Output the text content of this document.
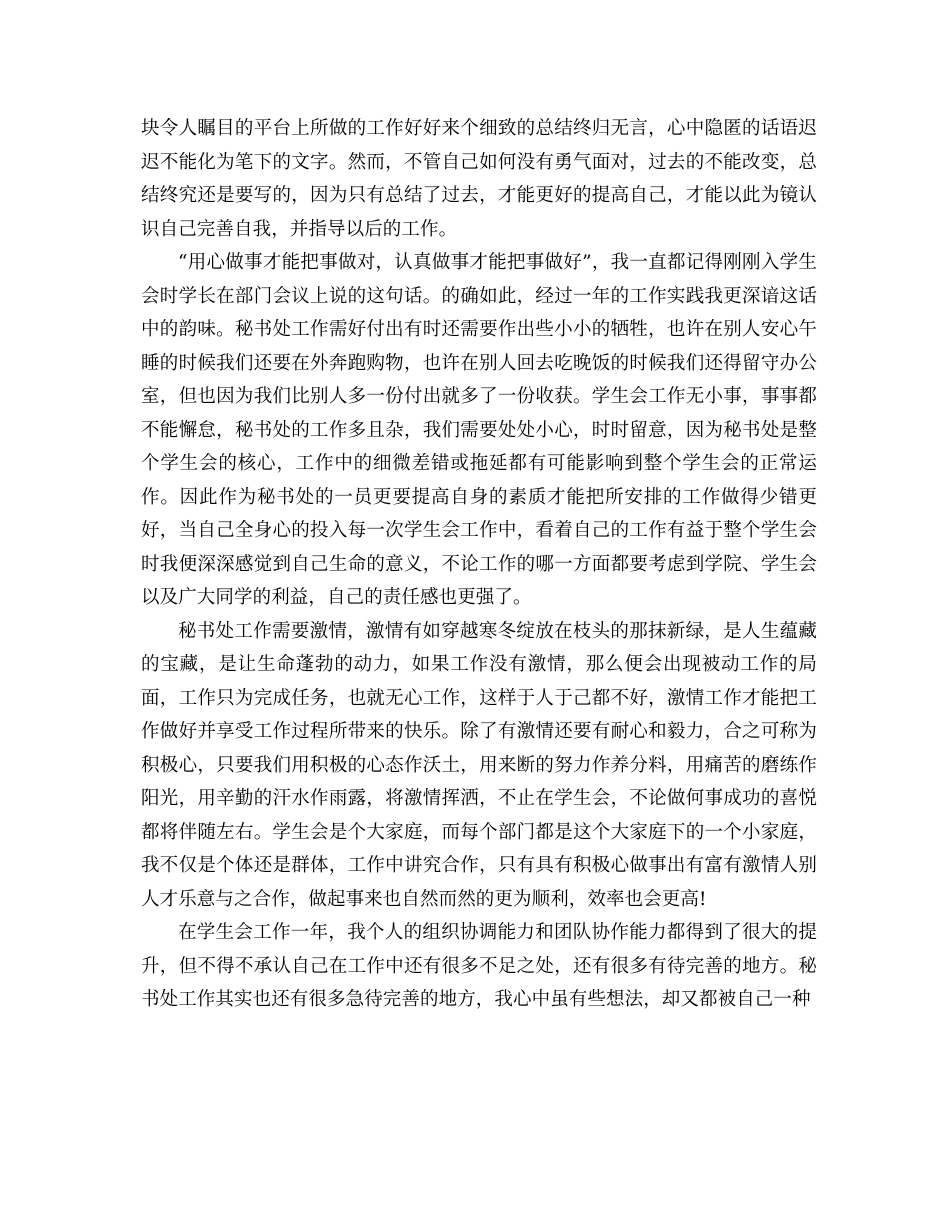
块令人瞩目的平台上所做的工作好好来个细致的总结终归无言，心中隐匿的话语迟迟不能化为笔下的文字。然而，不管自己如何没有勇气面对，过去的不能改变，总结终究还是要写的，因为只有总结了过去，才能更好的提高自己，才能以此为镜认识自己完善自我，并指导以后的工作。

“用心做事才能把事做对，认真做事才能把事做好”，我一直都记得刚刚入学生会时学长在部门会议上说的这句话。的确如此，经过一年的工作实践我更深谙这话中的韵味。秘书处工作需好付出有时还需要作出些小小的牺牲，也许在别人安心午睡的时候我们还要在外奔跑购物，也许在别人回去吃晚饭的时候我们还得留守办公室，但也因为我们比别人多一份付出就多了一份收获。学生会工作无小事，事事都不能懈怠，秘书处的工作多且杂，我们需要处处小心，时时留意，因为秘书处是整个学生会的核心，工作中的细微差错或拖延都有可能影响到整个学生会的正常运作。因此作为秘书处的一员更要提高自身的素质才能把所安排的工作做得少错更好，当自己全身心的投入每一次学生会工作中，看着自己的工作有益于整个学生会时我便深深感觉到自己生命的意义，不论工作的哪一方面都要考虑到学院、学生会以及广大同学的利益，自己的责任感也更强了。

秘书处工作需要激情，激情有如穿越寒冬绽放在枝头的那抹新绿，是人生蕴藏的宝藏，是让生命蓬勃的动力，如果工作没有激情，那么便会出现被动工作的局面，工作只为完成任务，也就无心工作，这样于人于己都不好，激情工作才能把工作做好并享受工作过程所带来的快乐。除了有激情还要有耐心和毅力，合之可称为积极心，只要我们用积极的心态作沃土，用来断的努力作养分料，用痛苦的磨练作阳光，用辛勤的汗水作雨露，将激情挥洒，不止在学生会，不论做何事成功的喜悦都将伴随左右。学生会是个大家庭，而每个部门都是这个大家庭下的一个小家庭，我不仅是个体还是群体，工作中讲究合作，只有具有积极心做事出有富有激情人别人才乐意与之合作，做起事来也自然而然的更为顺利，效率也会更高!

在学生会工作一年，我个人的组织协调能力和团队协作能力都得到了很大的提升，但不得不承认自己在工作中还有很多不足之处，还有很多有待完善的地方。秘书处工作其实也还有很多急待完善的地方，我心中虽有些想法，却又都被自己一种
